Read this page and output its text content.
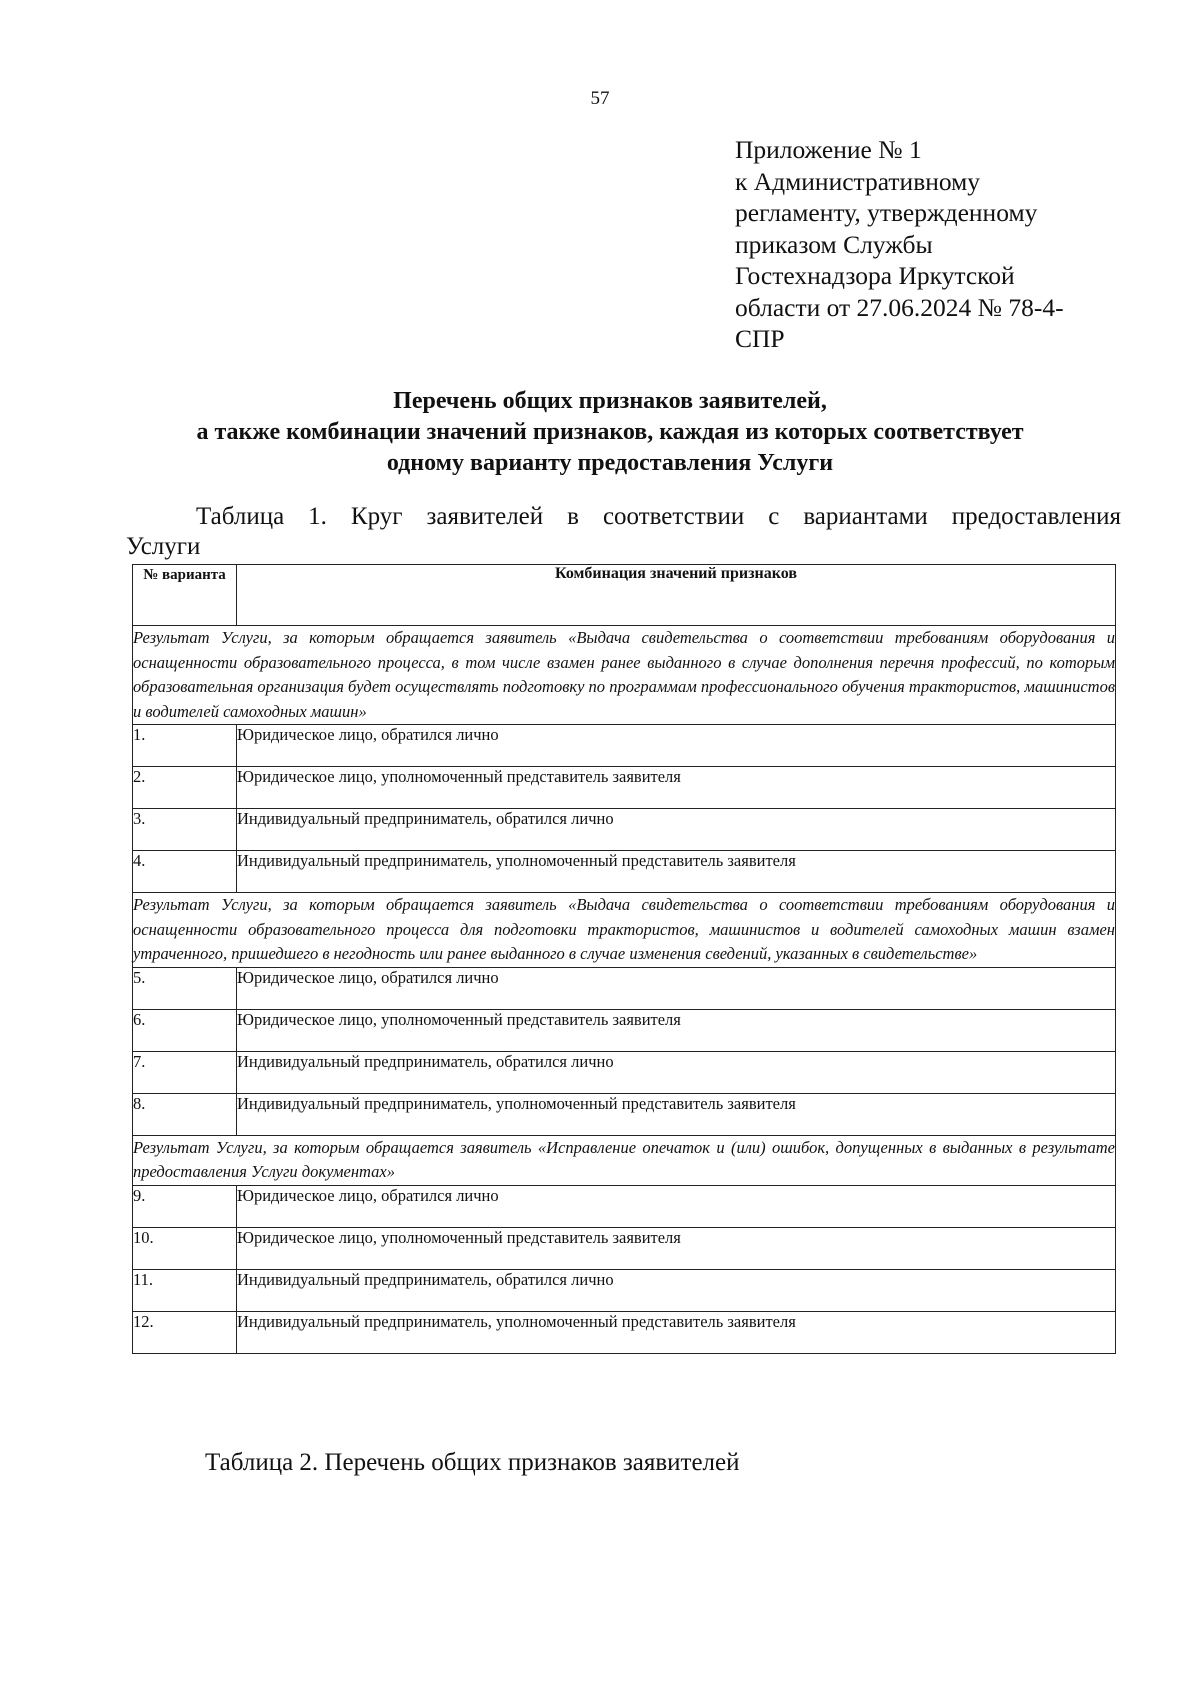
57
Приложение № 1
к Административному
регламенту, утвержденному
приказом Службы
Гостехнадзора Иркутской
области от 27.06.2024 № 78-4-
СПР
Перечень общих признаков заявителей,
а также комбинации значений признаков, каждая из которых соответствует
одному варианту предоставления Услуги
Таблица 1. Круг заявителей в соответствии с вариантами предоставления
Услуги
№ варианта	Комбинация значений признаков
Результат Услуги, за которым обращается заявитель «Выдача свидетельства о соответствии требованиям оборудования и оснащенности образовательного процесса, в том числе взамен ранее выданного в случае дополнения перечня профессий, по которым образовательная организация будет осуществлять подготовку по программам профессионального обучения трактористов, машинистов и водителей самоходных машин»	
1.	Юридическое лицо, обратился лично
2.	Юридическое лицо, уполномоченный представитель заявителя
3.	Индивидуальный предприниматель, обратился лично
4.	Индивидуальный предприниматель, уполномоченный представитель заявителя
Результат Услуги, за которым обращается заявитель «Выдача свидетельства о соответствии требованиям оборудования и оснащенности образовательного процесса для подготовки трактористов, машинистов и водителей самоходных машин взамен утраченного, пришедшего в негодность или ранее выданного в случае изменения сведений, указанных в свидетельстве»	
5.	Юридическое лицо, обратился лично
6.	Юридическое лицо, уполномоченный представитель заявителя
7.	Индивидуальный предприниматель, обратился лично
8.	Индивидуальный предприниматель, уполномоченный представитель заявителя
Результат Услуги, за которым обращается заявитель «Исправление опечаток и (или) ошибок, допущенных в выданных в результате предоставления Услуги документах»	
9.	Юридическое лицо, обратился лично
10.	Юридическое лицо, уполномоченный представитель заявителя
11.	Индивидуальный предприниматель, обратился лично
12.	Индивидуальный предприниматель, уполномоченный представитель заявителя
Таблица 2. Перечень общих признаков заявителей
